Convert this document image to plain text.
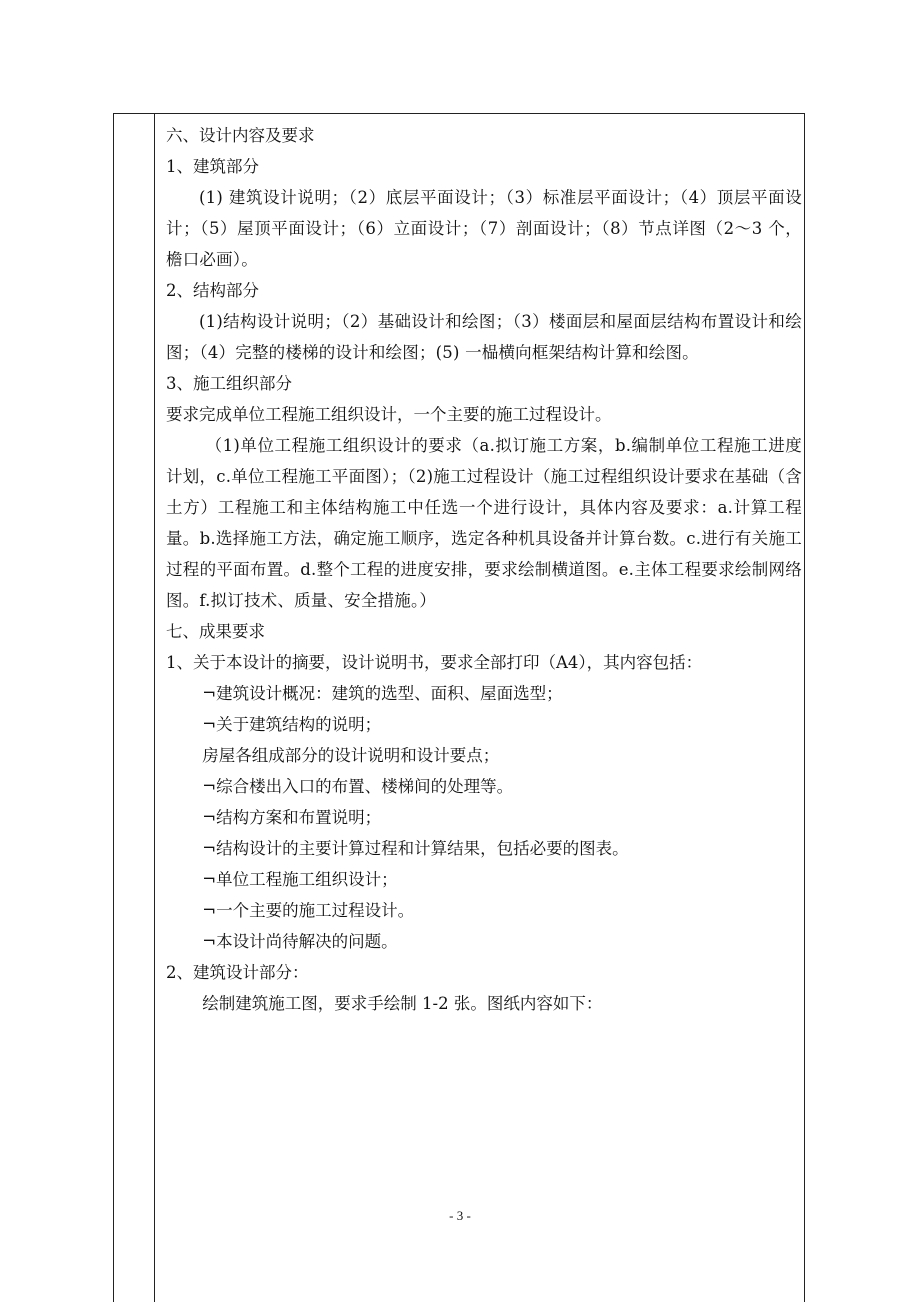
六、设计内容及要求
1、建筑部分
(1) 建筑设计说明；（2）底层平面设计；（3）标准层平面设计；（4）顶层平面设计；（5）屋顶平面设计；（6）立面设计；（7）剖面设计；（8）节点详图（2～3 个，檐口必画）。
2、结构部分
(1)结构设计说明；（2）基础设计和绘图；（3）楼面层和屋面层结构布置设计和绘图；（4）完整的楼梯的设计和绘图；(5) 一榀横向框架结构计算和绘图。
3、施工组织部分
要求完成单位工程施工组织设计，一个主要的施工过程设计。
（1)单位工程施工组织设计的要求（a.拟订施工方案，b.编制单位工程施工进度计划，c.单位工程施工平面图）；（2)施工过程设计（施工过程组织设计要求在基础（含土方）工程施工和主体结构施工中任选一个进行设计，具体内容及要求：a.计算工程量。b.选择施工方法，确定施工顺序，选定各种机具设备并计算台数。c.进行有关施工过程的平面布置。d.整个工程的进度安排，要求绘制横道图。e.主体工程要求绘制网络图。f.拟订技术、质量、安全措施。）
七、成果要求
1、关于本设计的摘要，设计说明书，要求全部打印（A4），其内容包括：
¬建筑设计概况：建筑的选型、面积、屋面选型；
¬关于建筑结构的说明；
房屋各组成部分的设计说明和设计要点；
¬综合楼出入口的布置、楼梯间的处理等。
¬结构方案和布置说明；
¬结构设计的主要计算过程和计算结果，包括必要的图表。
¬单位工程施工组织设计；
¬一个主要的施工过程设计。
¬本设计尚待解决的问题。
2、建筑设计部分：
绘制建筑施工图，要求手绘制 1-2 张。图纸内容如下：
- 3 -
